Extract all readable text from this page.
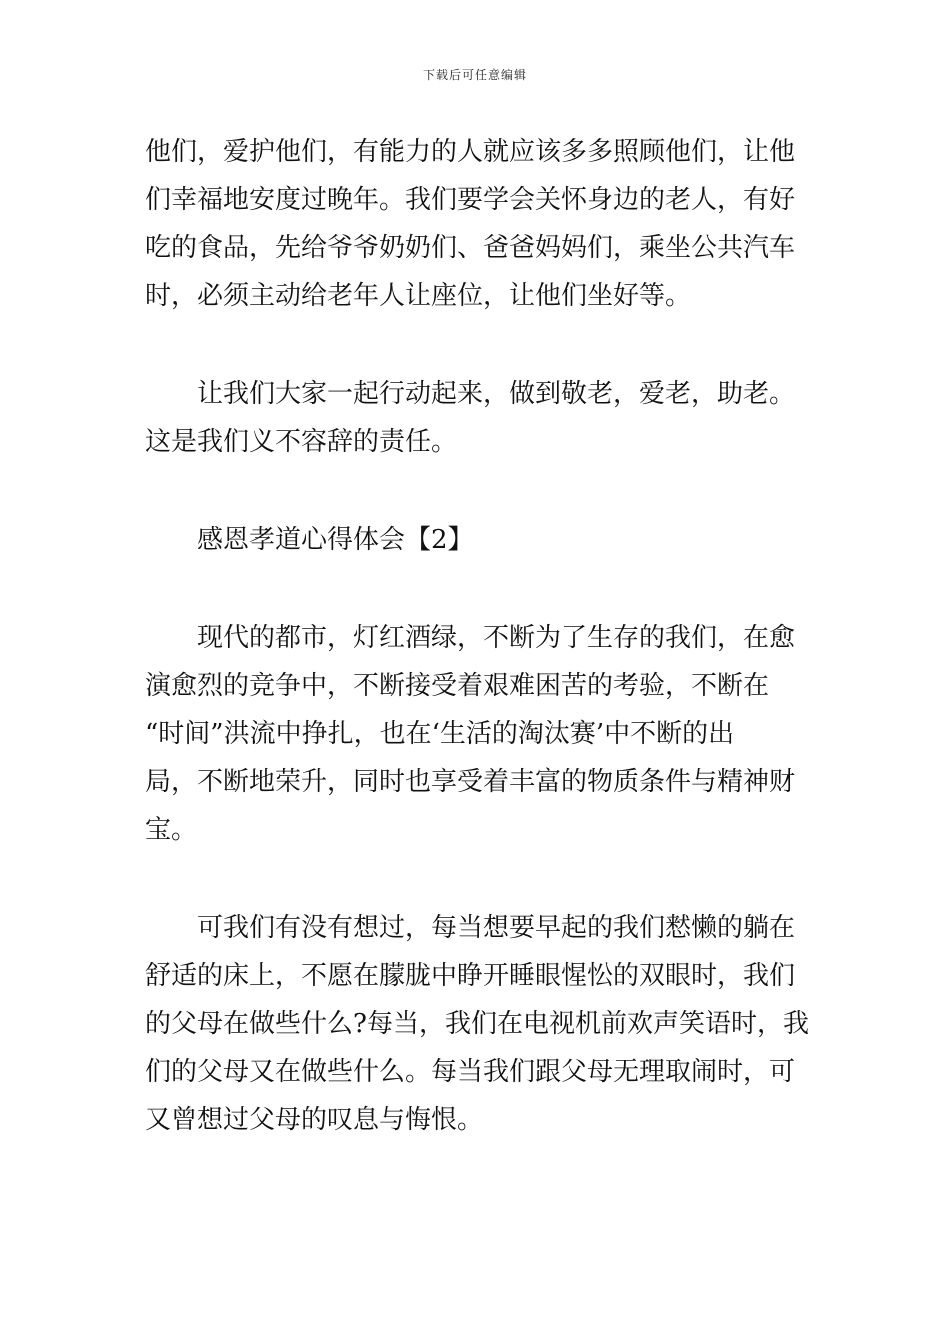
下载后可任意编辑
他们，爱护他们，有能力的人就应该多多照顾他们，让他
们幸福地安度过晚年。我们要学会关怀身边的老人，有好
吃的食品，先给爷爷奶奶们、爸爸妈妈们，乘坐公共汽车
时，必须主动给老年人让座位，让他们坐好等。
让我们大家一起行动起来，做到敬老，爱老，助老。
这是我们义不容辞的责任。
感恩孝道心得体会【2】
现代的都市，灯红酒绿，不断为了生存的我们，在愈
演愈烈的竞争中，不断接受着艰难困苦的考验，不断在
“时间”洪流中挣扎，也在‘生活的淘汰赛’中不断的出
局，不断地荣升，同时也享受着丰富的物质条件与精神财
宝。
可我们有没有想过，每当想要早起的我们慭懒的躺在
舒适的床上，不愿在朦胧中睁开睡眼惺忪的双眼时，我们
的父母在做些什么?每当，我们在电视机前欢声笑语时，我
们的父母又在做些什么。每当我们跟父母无理取闹时，可
又曾想过父母的叹息与悔恨。
